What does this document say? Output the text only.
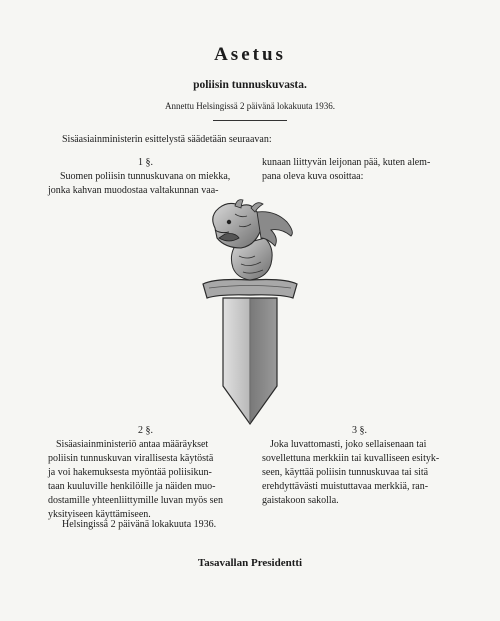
Asetus
poliisin tunnuskuvasta.
Annettu Helsingissä 2 päivänä lokakuuta 1936.
Sisäasiainministerin esittelystä säädetään seuraavan:
1 §.
Suomen poliisin tunnuskuvana on miekka,
jonka kahvan muodostaa valtakunnan vaa-
kunaan liittyvän leijonan pää, kuten alem-
pana oleva kuva osoittaa:
2 §.
Sisäasiainministeriö antaa määräykset
poliisin tunnuskuvan virallisesta käytöstä
ja voi hakemuksesta myöntää poliisikun-
taan kuuluville henkilöille ja näiden muo-
dostamille yhteenliittymille luvan myös sen
yksityiseen käyttämiseen.
3 §.
Joka luvattomasti, joko sellaisenaan tai
sovellettuna merkkiin tai kuvalliseen esityk-
seen, käyttää poliisin tunnuskuvaa tai sitä
erehdyttävästi muistuttavaa merkkiä, ran-
gaistakoon sakolla.
Helsingissä 2 päivänä lokakuuta 1936.
Tasavallan Presidentti
